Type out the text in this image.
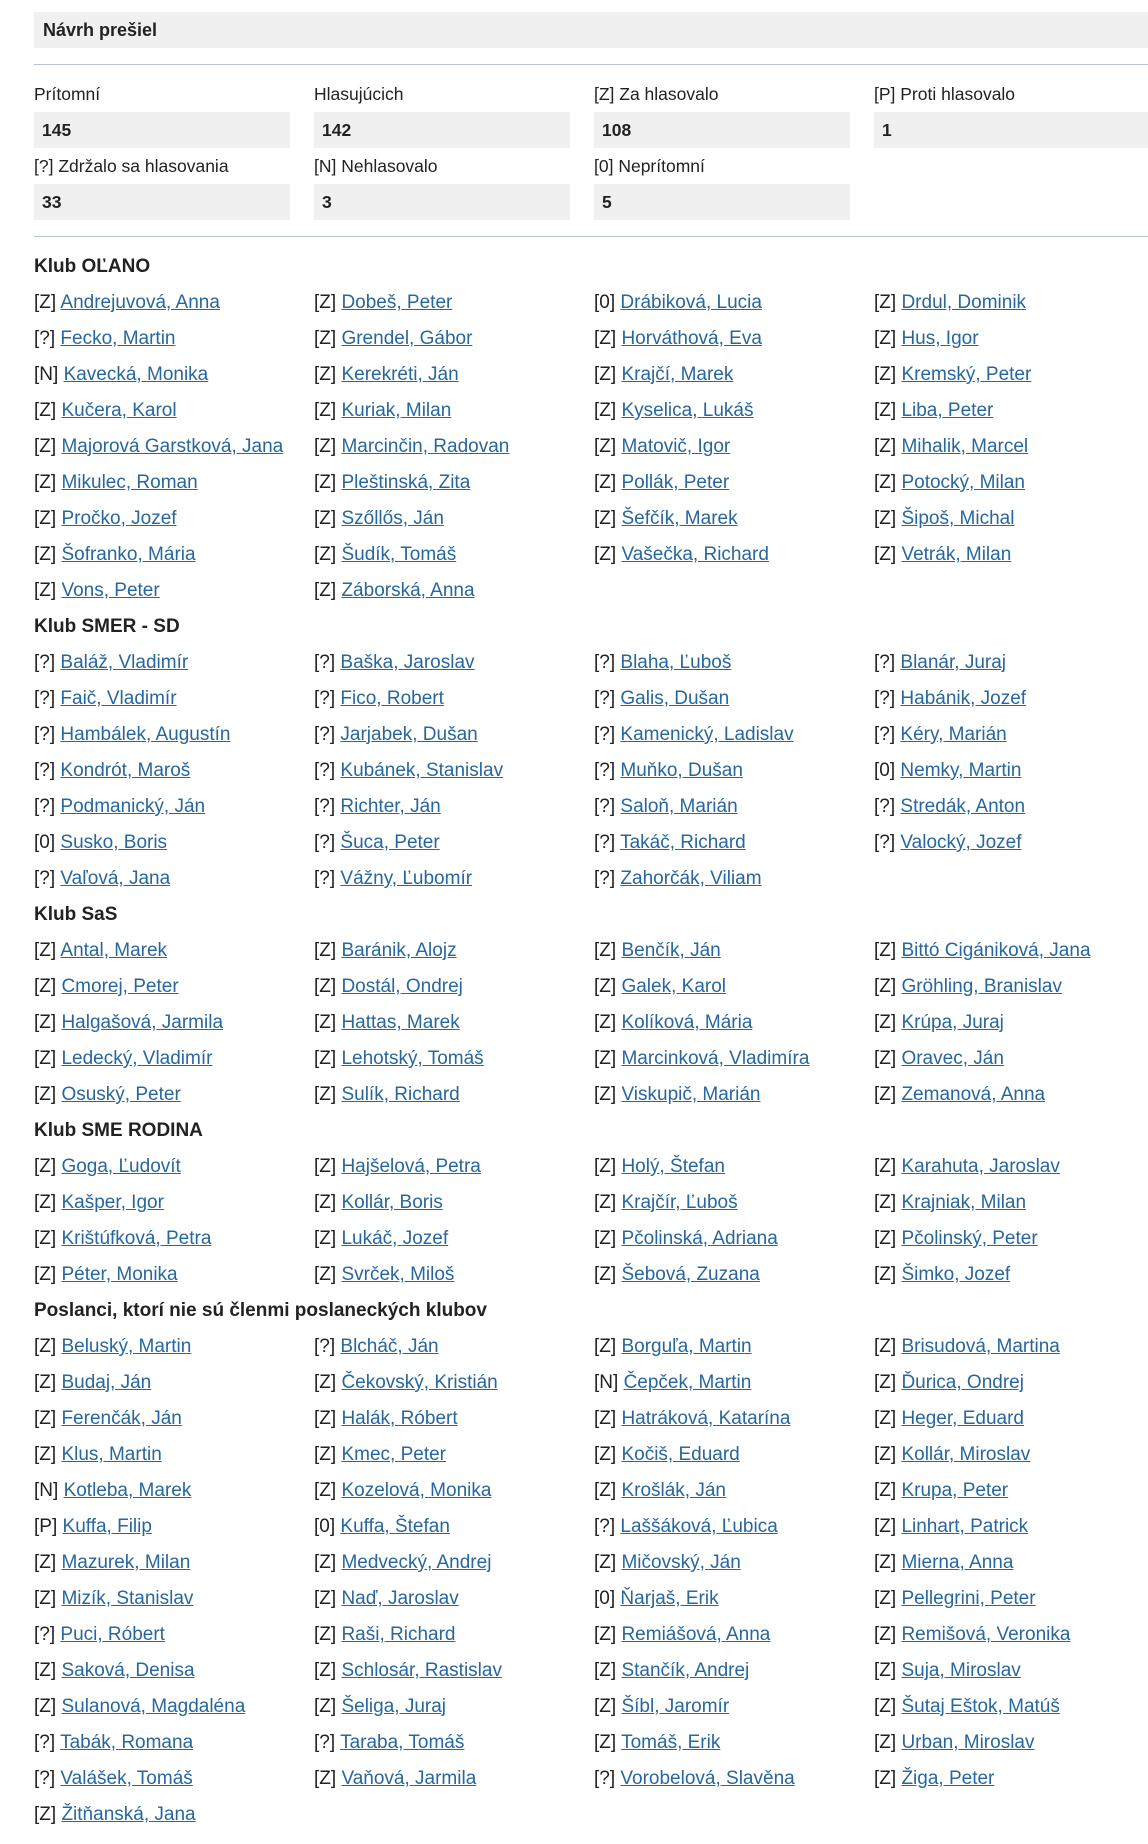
Návrh prešiel
Prítomní
145
Hlasujúcich
142
[Z] Za hlasovalo
108
[P] Proti hlasovalo
1
[?] Zdržalo sa hlasovania
33
[N] Nehlasovalo
3
[0] Neprítomní
5
Klub OĽANO
[Z] Andrejuvová, Anna	[Z] Dobeš, Peter	[0] Drábiková, Lucia	[Z] Drdul, Dominik
[?] Fecko, Martin	[Z] Grendel, Gábor	[Z] Horváthová, Eva	[Z] Hus, Igor
[N] Kavecká, Monika	[Z] Kerekréti, Ján	[Z] Krajčí, Marek	[Z] Kremský, Peter
[Z] Kučera, Karol	[Z] Kuriak, Milan	[Z] Kyselica, Lukáš	[Z] Liba, Peter
[Z] Majorová Garstková, Jana [Z] Marcinčin, Radovan	[Z] Matovič, Igor	[Z] Mihalik, Marcel
[Z] Mikulec, Roman	[Z] Pleštinská, Zita	[Z] Pollák, Peter	[Z] Potocký, Milan
[Z] Pročko, Jozef	[Z] Szőllős, Ján	[Z] Šefčík, Marek	[Z] Šipoš, Michal
[Z] Šofranko, Mária	[Z] Šudík, Tomáš	[Z] Vašečka, Richard	[Z] Vetrák, Milan
[Z] Vons, Peter	[Z] Záborská, Anna
Klub SMER - SD
[?] Baláž, Vladimír	[?] Baška, Jaroslav	[?] Blaha, Ľuboš	[?] Blanár, Juraj
[?] Faič, Vladimír	[?] Fico, Robert	[?] Galis, Dušan	[?] Habánik, Jozef
[?] Hambálek, Augustín	[?] Jarjabek, Dušan	[?] Kamenický, Ladislav	[?] Kéry, Marián
[?] Kondrót, Maroš	[?] Kubánek, Stanislav	[?] Muňko, Dušan	[0] Nemky, Martin
[?] Podmanický, Ján	[?] Richter, Ján	[?] Saloň, Marián	[?] Stredák, Anton
[0] Susko, Boris	[?] Šuca, Peter	[?] Takáč, Richard	[?] Valocký, Jozef
[?] Vaľová, Jana	[?] Vážny, Ľubomír	[?] Zahorčák, Viliam
Klub SaS
[Z] Antal, Marek	[Z] Baránik, Alojz	[Z] Benčík, Ján	[Z] Bittó Cigániková, Jana
[Z] Cmorej, Peter	[Z] Dostál, Ondrej	[Z] Galek, Karol	[Z] Gröhling, Branislav
[Z] Halgašová, Jarmila	[Z] Hattas, Marek	[Z] Kolíková, Mária	[Z] Krúpa, Juraj
[Z] Ledecký, Vladimír	[Z] Lehotský, Tomáš	[Z] Marcinková, Vladimíra	[Z] Oravec, Ján
[Z] Osuský, Peter	[Z] Sulík, Richard	[Z] Viskupič, Marián	[Z] Zemanová, Anna
Klub SME RODINA
[Z] Goga, Ľudovít	[Z] Hajšelová, Petra	[Z] Holý, Štefan	[Z] Karahuta, Jaroslav
[Z] Kašper, Igor	[Z] Kollár, Boris	[Z] Krajčír, Ľuboš	[Z] Krajniak, Milan
[Z] Krištúfková, Petra	[Z] Lukáč, Jozef	[Z] Pčolinská, Adriana	[Z] Pčolinský, Peter
[Z] Péter, Monika	[Z] Svrček, Miloš	[Z] Šebová, Zuzana	[Z] Šimko, Jozef
Poslanci, ktorí nie sú členmi poslaneckých klubov
[Z] Beluský, Martin	[?] Blcháč, Ján	[Z] Borguľa, Martin	[Z] Brisudová, Martina
[Z] Budaj, Ján	[Z] Čekovský, Kristián	[N] Čepček, Martin	[Z] Ďurica, Ondrej
[Z] Ferenčák, Ján	[Z] Halák, Róbert	[Z] Hatráková, Katarína	[Z] Heger, Eduard
[Z] Klus, Martin	[Z] Kmec, Peter	[Z] Kočiš, Eduard	[Z] Kollár, Miroslav
[N] Kotleba, Marek	[Z] Kozelová, Monika	[Z] Krošlák, Ján	[Z] Krupa, Peter
[P] Kuffa, Filip	[0] Kuffa, Štefan	[?] Laššáková, Ľubica	[Z] Linhart, Patrick
[Z] Mazurek, Milan	[Z] Medvecký, Andrej	[Z] Mičovský, Ján	[Z] Mierna, Anna
[Z] Mizík, Stanislav	[Z] Naď, Jaroslav	[0] Ňarjaš, Erik	[Z] Pellegrini, Peter
[?] Puci, Róbert	[Z] Raši, Richard	[Z] Remiášová, Anna	[Z] Remišová, Veronika
[Z] Saková, Denisa	[Z] Schlosár, Rastislav	[Z] Stančík, Andrej	[Z] Suja, Miroslav
[Z] Sulanová, Magdaléna	[Z] Šeliga, Juraj	[Z] Šíbl, Jaromír	[Z] Šutaj Eštok, Matúš
[?] Tabák, Romana	[?] Taraba, Tomáš	[Z] Tomáš, Erik	[Z] Urban, Miroslav
[?] Valášek, Tomáš	[Z] Vaňová, Jarmila	[?] Vorobelová, Slavěna	[Z] Žiga, Peter
[Z] Žitňanská, Jana
